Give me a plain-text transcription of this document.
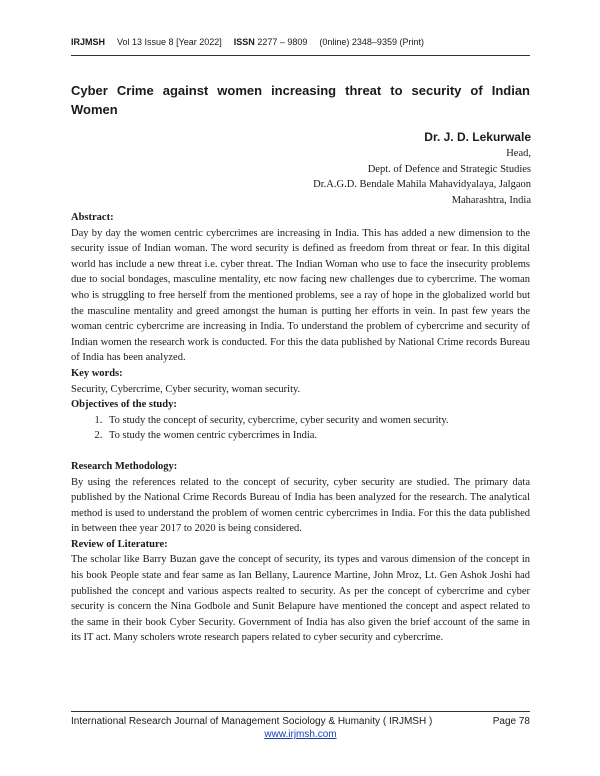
IRJMSH Vol 13 Issue 8 [Year 2022] ISSN 2277 – 9809 (0nline) 2348–9359 (Print)
Cyber Crime against women increasing threat to security of Indian Women
Dr. J. D. Lekurwale
Head,
Dept. of Defence and Strategic Studies
Dr.A.G.D. Bendale Mahila Mahavidyalaya, Jalgaon
Maharashtra, India
Abstract:

Day by day the women centric cybercrimes are increasing in India. This has added a new dimension to the security issue of Indian woman. The word security is defined as freedom from threat or fear. In this digital world has include a new threat i.e. cyber threat. The Indian Woman who use to face the insecurity problems due to social bondages, masculine mentality, etc now facing new challenges due to cybercrime. The woman who is struggling to free herself from the mentioned problems, see a ray of hope in the globalized world but the masculine mentality and greed amongst the human is putting her efforts in vein. In past few years the woman centric cybercrime are increasing in India. To understand the problem of cybercrime and security of Indian women the research work is conducted. For this the data published by National Crime records Bureau of India has been analyzed.

Key words:

Security, Cybercrime, Cyber security, woman security.

Objectives of the study:
1. To study the concept of security, cybercrime, cyber security and women security.
2. To study the women centric cybercrimes in India.
Research Methodology:

By using the references related to the concept of security, cyber security are studied. The primary data published by the National Crime Records Bureau of India has been analyzed for the research. The analytical method is used to understand the problem of women centric cybercrimes in India. For this the data published in between thee year 2017 to 2020 is being considered.

Review of Literature:

The scholar like Barry Buzan gave the concept of security, its types and varous dimension of the concept in his book People state and fear same as Ian Bellany, Laurence Martine, John Mroz, Lt. Gen Ashok Joshi had published the concept and various aspects realted to security. As per the concept of cybercrime and cyber security is concern the Nina Godbole and Sunit Belapure have mentioned the concept and aspect related to the same in their book Cyber Security. Government of India has also given the brief account of the same in its IT act. Many scholers wrote research papers related to cyber security and cybercrime.

International Research Journal of Management Sociology & Humanity ( IRJMSH )	Page 78
www.irjmsh.com
